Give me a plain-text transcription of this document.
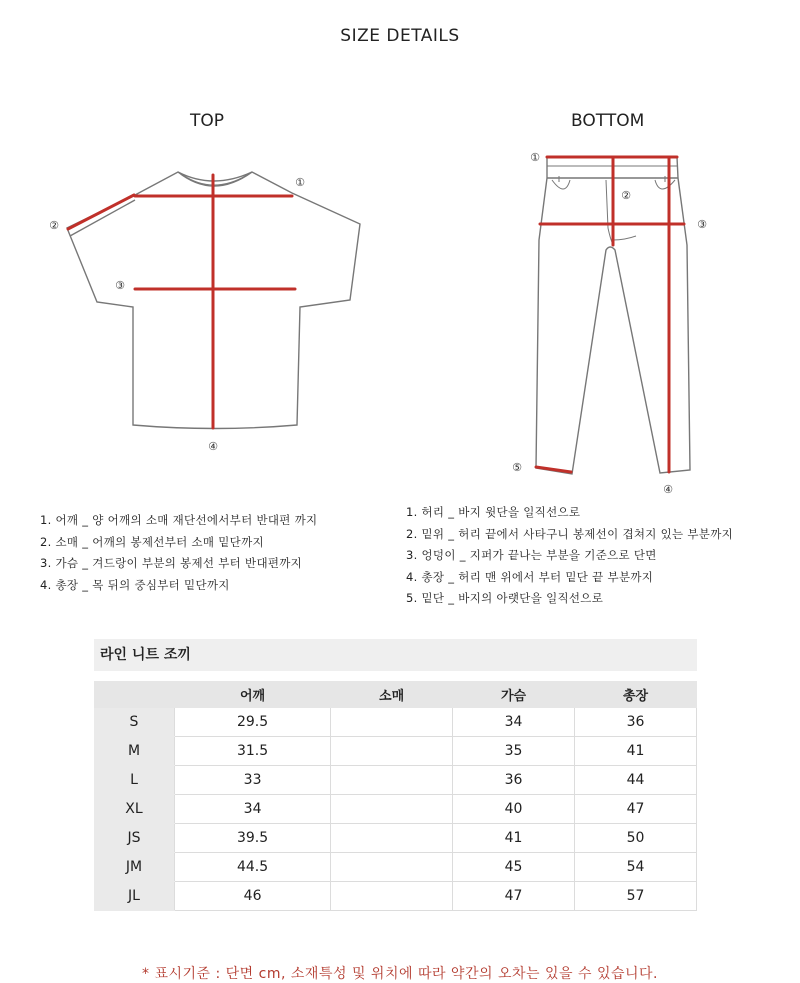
SIZE DETAILS
TOP
①
②
③
④
BOTTOM
①
②
③
④
⑤
1. 어깨 _ 양 어깨의 소매 재단선에서부터 반대편 까지
2. 소매 _ 어깨의 봉제선부터 소매 밑단까지
3. 가슴 _ 겨드랑이 부분의 봉제선 부터 반대편까지
4. 총장 _ 목 뒤의 중심부터 밑단까지
1. 허리 _ 바지 윗단을 일직선으로
2. 밑위 _ 허리 끝에서 사타구니 봉제선이 겹쳐지 있는 부분까지
3. 엉덩이 _ 지퍼가 끝나는 부분을 기준으로 단면
4. 총장 _ 허리 맨 위에서 부터 밑단 끝 부분까지
5. 밑단 _ 바지의 아랫단을 일직선으로
라인 니트 조끼
	어깨	소매	가슴	총장
S	29.5		34	36
M	31.5		35	41
L	33		36	44
XL	34		40	47
JS	39.5		41	50
JM	44.5		45	54
JL	46		47	57
* 표시기준 : 단면 cm, 소재특성 및 위치에 따라 약간의 오차는 있을 수 있습니다.
